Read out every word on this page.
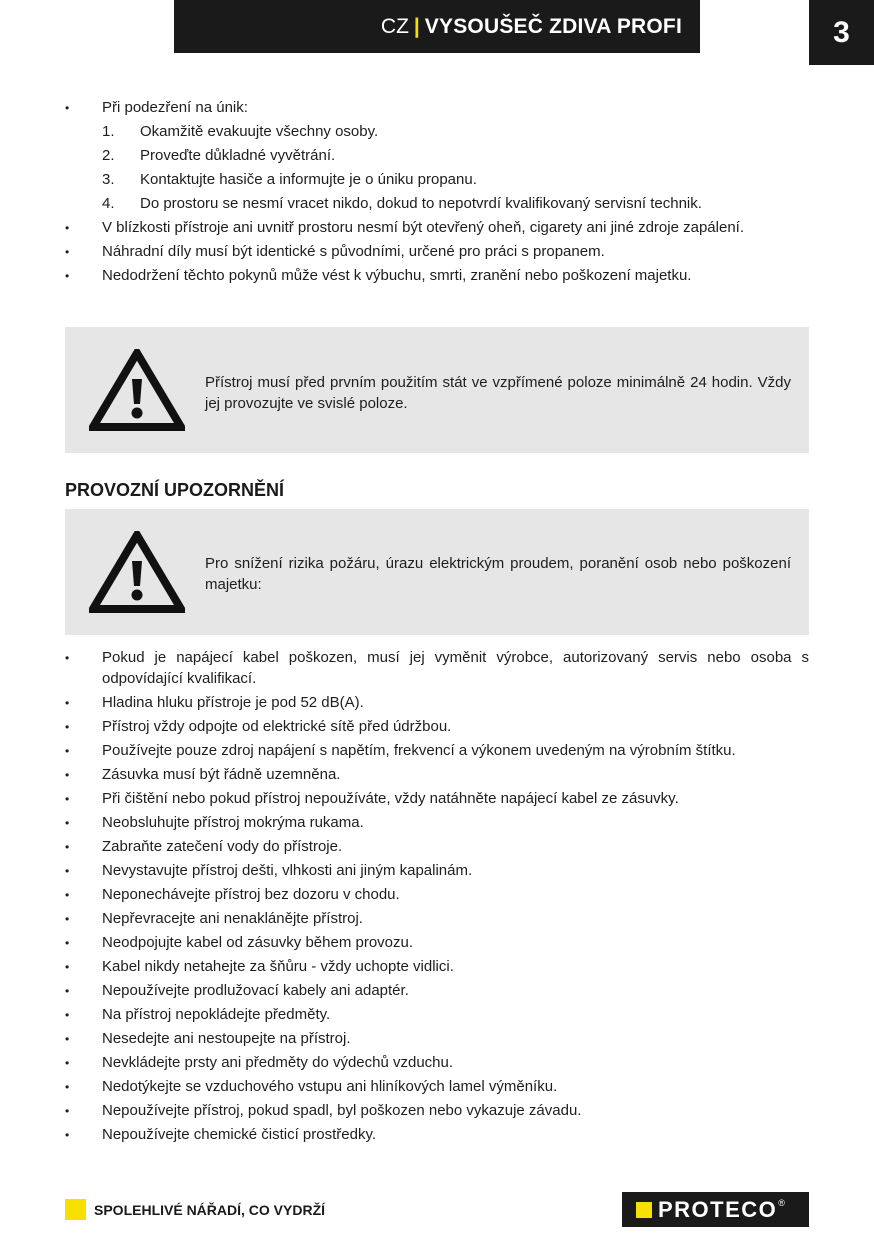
CZ | VYSOUŠEČ ZDIVA PROFI	3
• Při podezření na únik:
1. Okamžitě evakuujte všechny osoby.
2. Proveďte důkladné vyvětrání.
3. Kontaktujte hasiče a informujte je o úniku propanu.
4. Do prostoru se nesmí vracet nikdo, dokud to nepotvrdí kvalifikovaný servisní technik.
• V blízkosti přístroje ani uvnitř prostoru nesmí být otevřený oheň, cigarety ani jiné zdroje zapálení.
• Náhradní díly musí být identické s původními, určené pro práci s propanem.
• Nedodržení těchto pokynů může vést k výbuchu, smrti, zranění nebo poškození majetku.
Přístroj musí před prvním použitím stát ve vzpřímené poloze minimálně 24 hodin. Vždy jej provozujte ve svislé poloze.
PROVOZNÍ UPOZORNĚNÍ
Pro snížení rizika požáru, úrazu elektrickým proudem, poranění osob nebo poškození majetku:
• Pokud je napájecí kabel poškozen, musí jej vyměnit výrobce, autorizovaný servis nebo osoba s odpovídající kvalifikací.
• Hladina hluku přístroje je pod 52 dB(A).
• Přístroj vždy odpojte od elektrické sítě před údržbou.
• Používejte pouze zdroj napájení s napětím, frekvencí a výkonem uvedeným na výrobním štítku.
• Zásuvka musí být řádně uzemněna.
• Při čištění nebo pokud přístroj nepoužíváte, vždy natáhněte napájecí kabel ze zásuvky.
• Neobsluhujte přístroj mokrýma rukama.
• Zabraňte zatečení vody do přístroje.
• Nevystavujte přístroj dešti, vlhkosti ani jiným kapalinám.
• Neponechávejte přístroj bez dozoru v chodu.
• Nepřevracejte ani nenaklánějte přístroj.
• Neodpojujte kabel od zásuvky během provozu.
• Kabel nikdy netahejte za šňůru - vždy uchopte vidlici.
• Nepoužívejte prodlužovací kabely ani adaptér.
• Na přístroj nepokládejte předměty.
• Nesedejte ani nestoupejte na přístroj.
• Nevkládejte prsty ani předměty do výdechů vzduchu.
• Nedotýkejte se vzduchového vstupu ani hliníkových lamel výměníku.
• Nepoužívejte přístroj, pokud spadl, byl poškozen nebo vykazuje závadu.
• Nepoužívejte chemické čisticí prostředky.
SPOLEHLIVÉ NÁŘADÍ, CO VYDRŽÍ	PROTECO ®
